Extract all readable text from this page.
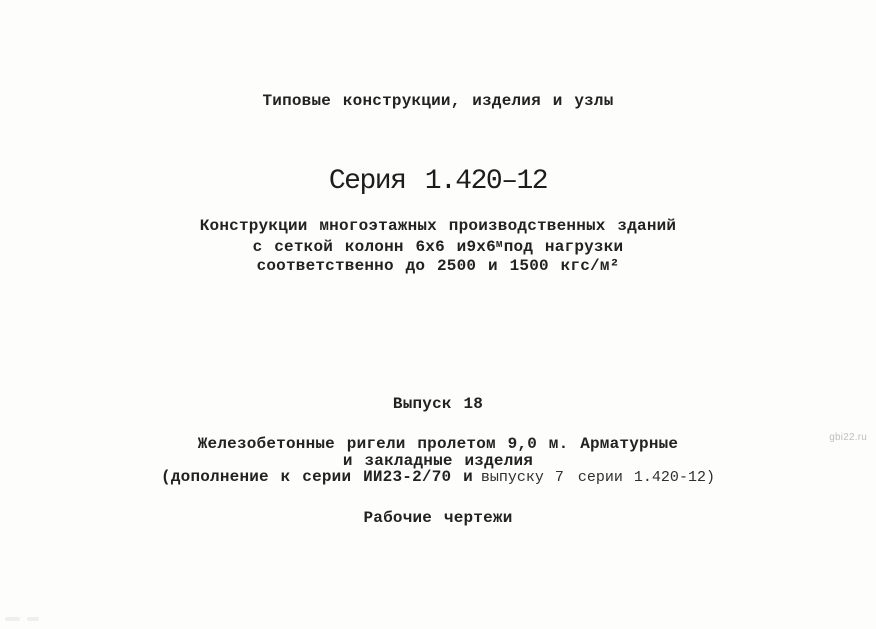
Типовые конструкции, изделия и узлы
Серия 1.420–12
Конструкции многоэтажных производственных зданий
с сеткой колонн 6х6 $и9х6^мпод$ нагрузки
соответственно до 2500 и 1500 кгс/м²
Выпуск 18
Железобетонные ригели пролетом 9,0 м. Арматурные
и закладные изделия
(дополнение к серии ИИ23-2/70 и выпуску 7 серии 1.420-12)
Рабочие чертежи
gbi22.ru
